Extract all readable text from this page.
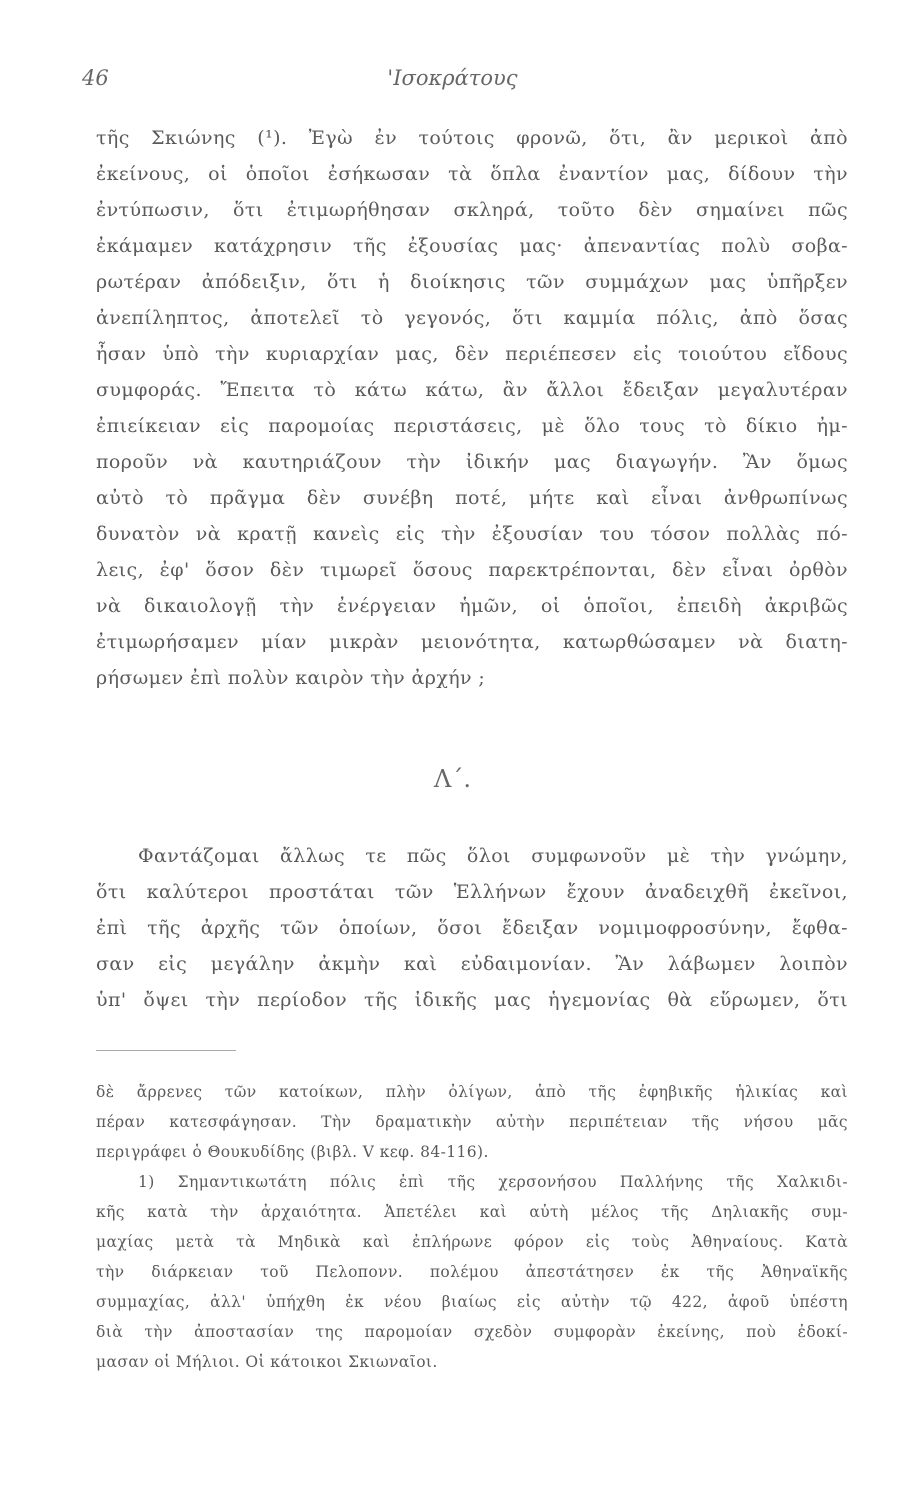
46	'Ισοκράτους
τῆς Σκιώνης (¹). Ἐγὼ ἐν τούτοις φρονῶ, ὅτι, ἂν μερικοὶ ἀπὸ
ἐκείνους, οἱ ὁποῖοι ἐσήκωσαν τὰ ὅπλα ἐναντίον μας, δίδουν τὴν
ἐντύπωσιν, ὅτι ἐτιμωρήθησαν σκληρά, τοῦτο δὲν σημαίνει πῶς
ἐκάμαμεν κατάχρησιν τῆς ἐξουσίας μας· ἀπεναντίας πολὺ σοβα-
ρωτέραν ἀπόδειξιν, ὅτι ἡ διοίκησις τῶν συμμάχων μας ὑπῆρξεν
ἀνεπίληπτος, ἀποτελεῖ τὸ γεγονός, ὅτι καμμία πόλις, ἀπὸ ὅσας
ἦσαν ὑπὸ τὴν κυριαρχίαν μας, δὲν περιέπεσεν εἰς τοιούτου εἴδους
συμφοράς. Ἔπειτα τὸ κάτω κάτω, ἂν ἄλλοι ἔδειξαν μεγαλυτέραν
ἐπιείκειαν εἰς παρομοίας περιστάσεις, μὲ ὅλο τους τὸ δίκιο ἠμ-
ποροῦν νὰ καυτηριάζουν τὴν ἰδικήν μας διαγωγήν. Ἂν ὅμως
αὐτὸ τὸ πρᾶγμα δὲν συνέβη ποτέ, μήτε καὶ εἶναι ἀνθρωπίνως
δυνατὸν νὰ κρατῇ κανεὶς εἰς τὴν ἐξουσίαν του τόσον πολλὰς πό-
λεις, ἐφ' ὅσον δὲν τιμωρεῖ ὅσους παρεκτρέπονται, δὲν εἶναι ὀρθὸν
νὰ δικαιολογῇ τὴν ἐνέργειαν ἡμῶν, οἱ ὁποῖοι, ἐπειδὴ ἀκριβῶς
ἐτιμωρήσαμεν μίαν μικρὰν μειονότητα, κατωρθώσαμεν νὰ διατη-
ρήσωμεν ἐπὶ πολὺν καιρὸν τὴν ἀρχήν ;
Λ΄.
Φαντάζομαι ἄλλως τε πῶς ὅλοι συμφωνοῦν μὲ τὴν γνώμην,
ὅτι καλύτεροι προστάται τῶν Ἑλλήνων ἔχουν ἀναδειχθῆ ἐκεῖνοι,
ἐπὶ τῆς ἀρχῆς τῶν ὁποίων, ὅσοι ἔδειξαν νομιμοφροσύνην, ἔφθα-
σαν εἰς μεγάλην ἀκμὴν καὶ εὐδαιμονίαν. Ἂν λάβωμεν λοιπὸν
ὑπ' ὄψει τὴν περίοδον τῆς ἰδικῆς μας ἡγεμονίας θὰ εὕρωμεν, ὅτι
δὲ ἄρρενες τῶν κατοίκων, πλὴν ὀλίγων, ἀπὸ τῆς ἐφηβικῆς ἡλικίας καὶ
πέραν κατεσφάγησαν. Τὴν δραματικὴν αὐτὴν περιπέτειαν τῆς νήσου μᾶς
περιγράφει ὁ Θουκυδίδης (βιβλ. V κεφ. 84-116).
1) Σημαντικωτάτη πόλις ἐπὶ τῆς χερσονήσου Παλλήνης τῆς Χαλκιδι-
κῆς κατὰ τὴν ἀρχαιότητα. Ἀπετέλει καὶ αὐτὴ μέλος τῆς Δηλιακῆς συμ-
μαχίας μετὰ τὰ Μηδικὰ καὶ ἐπλήρωνε φόρον εἰς τοὺς Ἀθηναίους. Κατὰ
τὴν διάρκειαν τοῦ Πελοπονν. πολέμου ἀπεστάτησεν ἐκ τῆς Ἀθηναϊκῆς
συμμαχίας, ἀλλ' ὑπήχθη ἐκ νέου βιαίως εἰς αὐτὴν τῷ 422, ἀφοῦ ὑπέστη
διὰ τὴν ἀποστασίαν της παρομοίαν σχεδὸν συμφορὰν ἐκείνης, ποὺ ἐδοκί-
μασαν οἱ Μήλιοι. Οἱ κάτοικοι Σκιωναῖοι.
